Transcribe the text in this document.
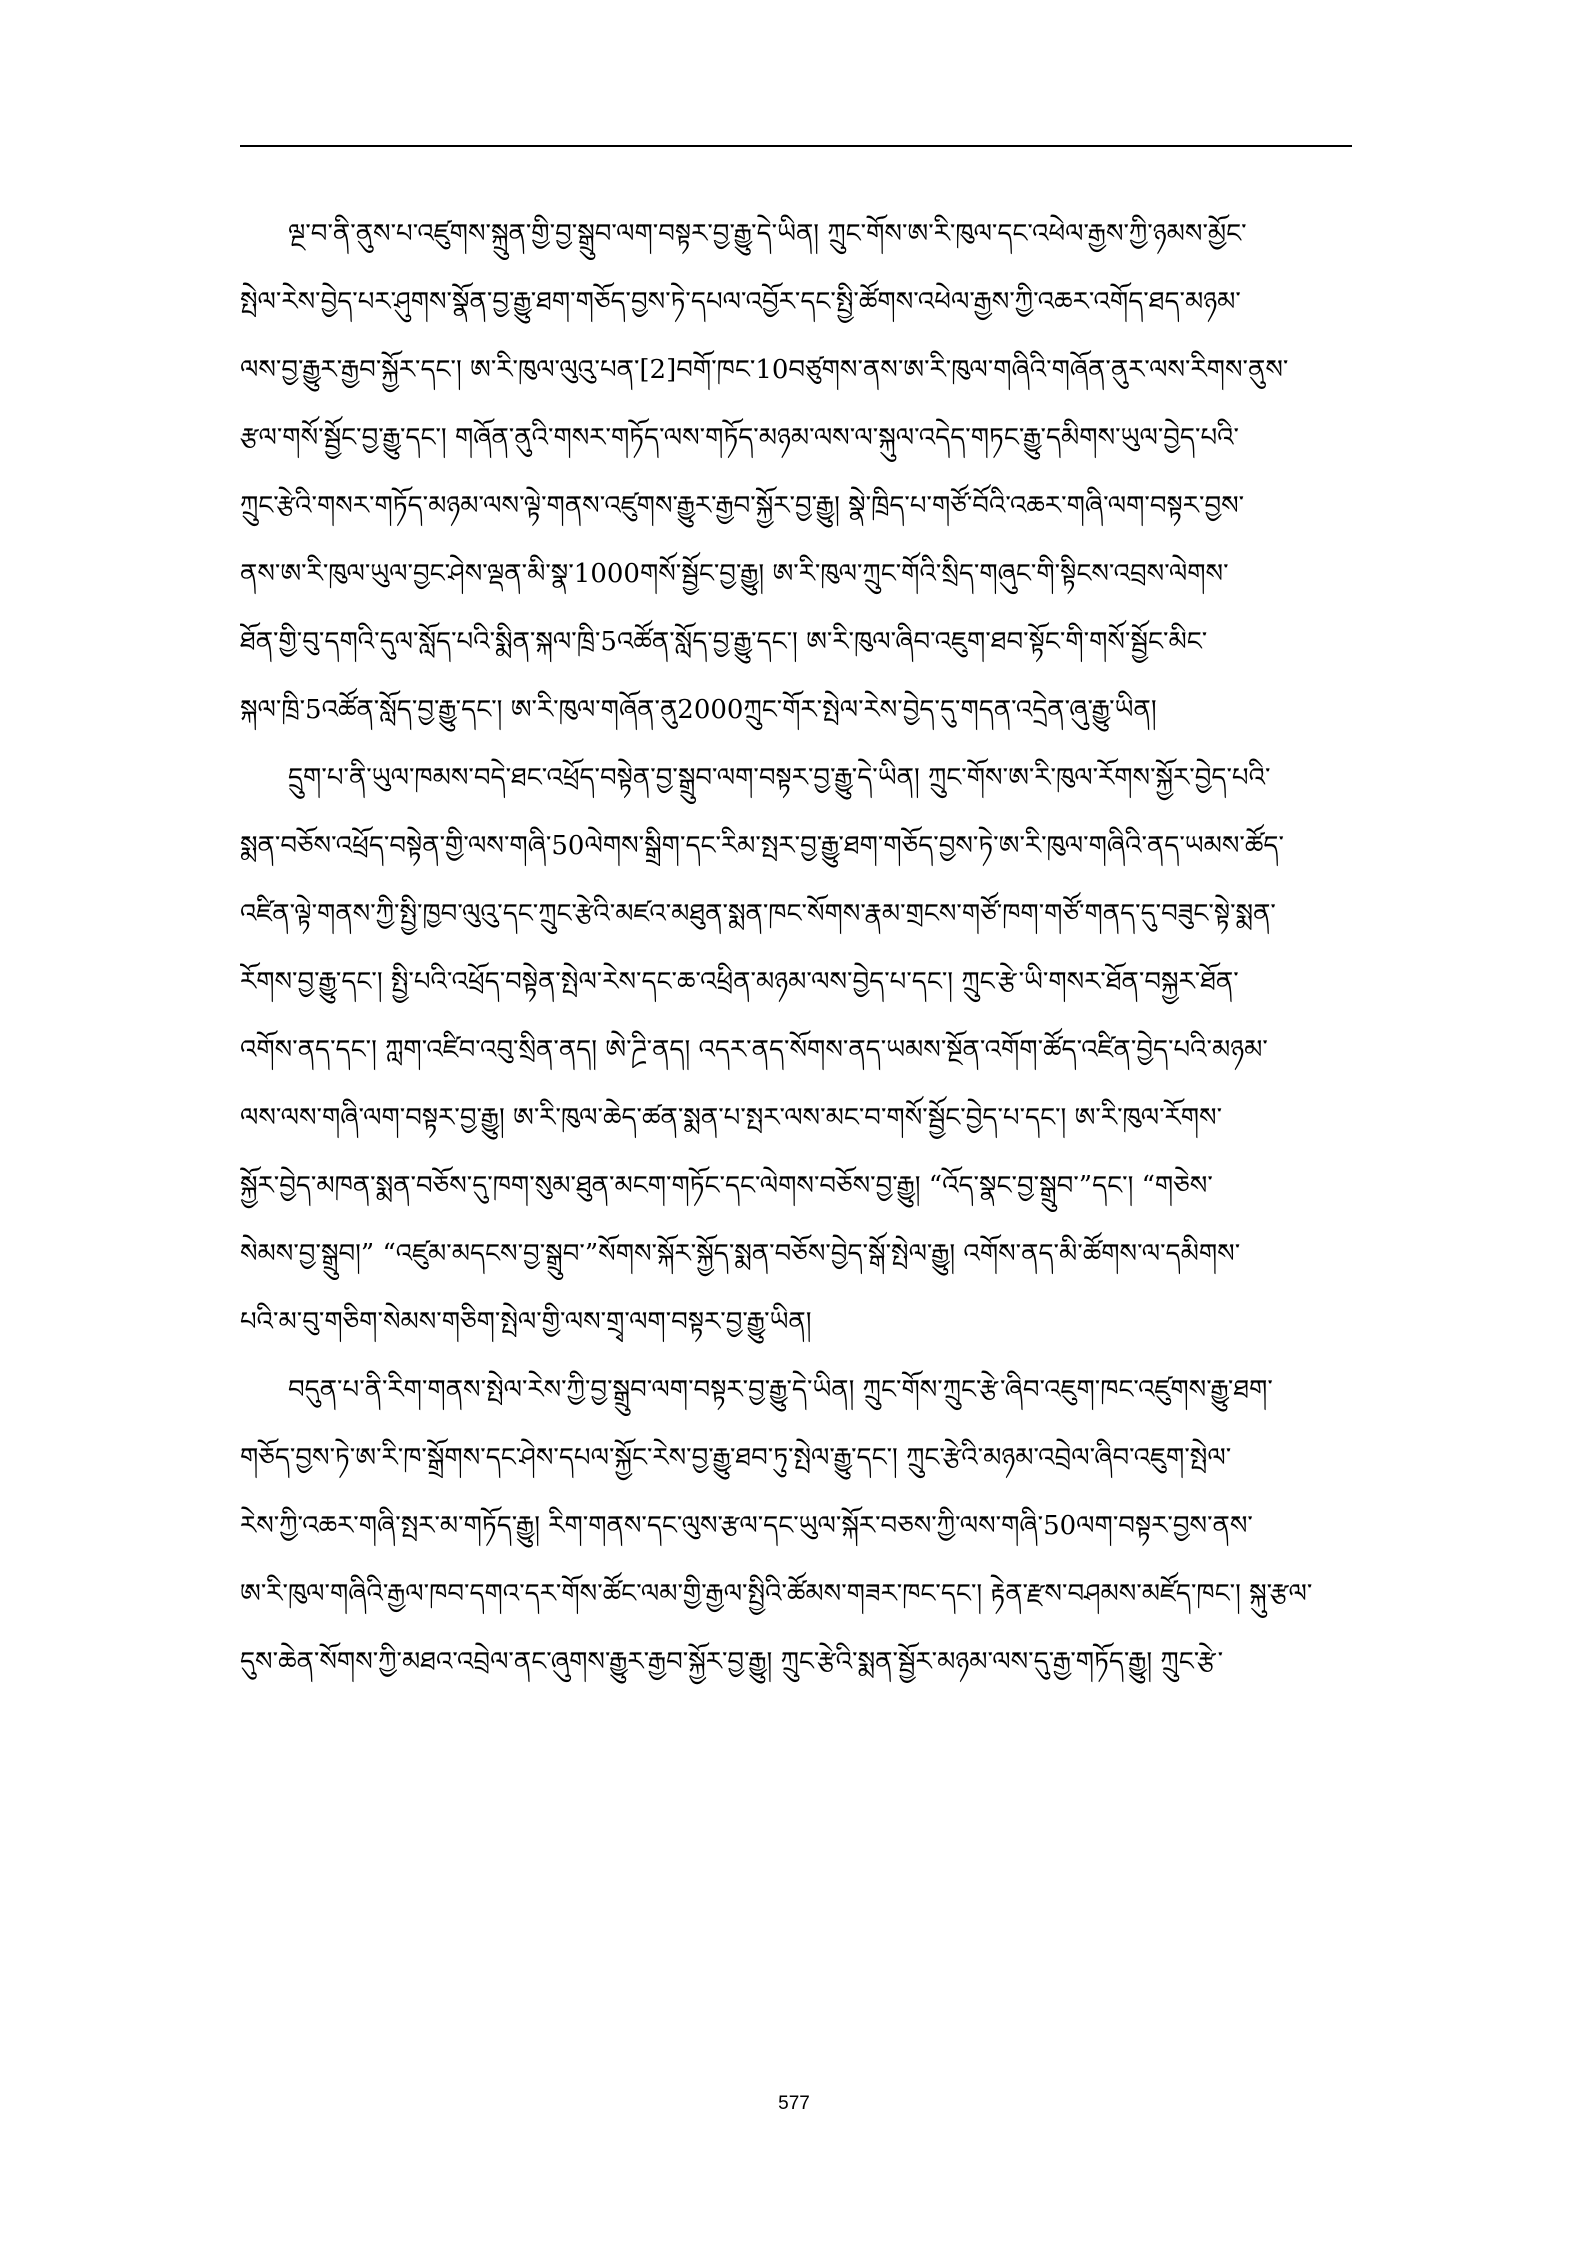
ལྔ་བ་ནི་ནུས་པ་འཛུགས་སྐྲུན་གྱི་བྱ་སྒྲུབ་ལག་བསྟར་བྱ་རྒྱུ་དེ་ཡིན། ཀྲུང་གོས་ཨ་རི་ཁུལ་དང་འཕེལ་རྒྱས་ཀྱི་ཉམས་མྱོང་
སྤེལ་རེས་བྱེད་པར་ཤུགས་སྣོན་བྱ་རྒྱུ་ཐག་གཅོད་བྱས་ཏེ་དཔལ་འབྱོར་དང་སྤྱི་ཚོགས་འཕེལ་རྒྱས་ཀྱི་འཆར་འགོད་ཐད་མཉམ་
ལས་བྱ་རྒྱུར་རྒྱབ་སྐྱོར་དང་། ཨ་རི་ཁུལ་ལུའུ་པན་[2]བགོ་ཁང་10བཙུགས་ནས་ཨ་རི་ཁུལ་གཞིའི་གཞོན་ནུར་ལས་རིགས་ནུས་
རྩལ་གསོ་སྦྱོང་བྱ་རྒྱུ་དང་། གཞོན་ནུའི་གསར་གཏོད་ལས་གཏོད་མཉམ་ལས་ལ་སྐུལ་འདེད་གཏང་རྒྱུ་དམིགས་ཡུལ་བྱེད་པའི་
ཀྲུང་རྩེའི་གསར་གཏོད་མཉམ་ལས་ལྟེ་གནས་འཛུགས་རྒྱུར་རྒྱབ་སྐྱོར་བྱ་རྒྱུ། སྣེ་ཁྲིད་པ་གཙོ་བོའི་འཆར་གཞི་ལག་བསྟར་བྱས་
ནས་ཨ་རི་ཁུལ་ཡུལ་བྱང་ཤེས་ལྡན་མི་སྣ་1000གསོ་སྦྱོང་བྱ་རྒྱུ། ཨ་རི་ཁུལ་ཀྲུང་གོའི་སྲིད་གཞུང་གི་སྟིངས་འབྲས་ལེགས་
ཐོན་གྱི་བུ་དགའི་དུལ་སློད་པའི་སྨིན་སྐལ་ཁྲི་5འཚོན་སློད་བྱ་རྒྱུ་དང་། ཨ་རི་ཁུལ་ཞིབ་འཇུག་ཐབ་སྟོང་གི་གསོ་སྦྱོང་མིང་
སྐལ་ཁྲི་5འཚོན་སློད་བྱ་རྒྱུ་དང་། ཨ་རི་ཁུལ་གཞོན་ནུ2000ཀྲུང་གོར་སྤེལ་རེས་བྱེད་དུ་གདན་འདྲེན་ཞུ་རྒྱུ་ཡིན།
དྲུག་པ་ནི་ཡུལ་ཁམས་བདེ་ཐང་འཕྲོད་བསྟེན་བྱ་སྒྲུབ་ལག་བསྟར་བྱ་རྒྱུ་དེ་ཡིན། ཀྲུང་གོས་ཨ་རི་ཁུལ་རོགས་སྐྱོར་བྱེད་པའི་
སྨན་བཅོས་འཕྲོད་བསྟེན་གྱི་ལས་གཞི་50ལེགས་སྒྲིག་དང་རིམ་སྤར་བྱ་རྒྱུ་ཐག་གཅོད་བྱས་ཏེ་ཨ་རི་ཁུལ་གཞིའི་ནད་ཡམས་ཚོད་
འཛིན་ལྟེ་གནས་ཀྱི་སྤྱི་ཁྱབ་ལུའུ་དང་ཀྲུང་རྩེའི་མཛའ་མཐུན་སྨན་ཁང་སོགས་རྣམ་གྲངས་གཙོ་ཁག་གཙོ་གནད་དུ་བཟུང་སྟེ་སྨན་
རོགས་བྱ་རྒྱུ་དང་། སྤྱི་པའི་འཕྲོད་བསྟེན་སྤེལ་རེས་དང་ཆ་འཕྲིན་མཉམ་ལས་བྱེད་པ་དང་། ཀྲུང་རྩེ་ཡི་གསར་ཐོན་བསྐྱར་ཐོན་
འགོས་ནད་དང་། ཀླག་འཛིབ་འབུ་སྲིན་ནད། ཨེ་ཌྲི་ནད། འདར་ནད་སོགས་ནད་ཡམས་སྔོན་འགོག་ཚོད་འཛིན་བྱེད་པའི་མཉམ་
ལས་ལས་གཞི་ལག་བསྟར་བྱ་རྒྱུ། ཨ་རི་ཁུལ་ཆེད་ཚན་སྨན་པ་སྤར་ལས་མང་བ་གསོ་སྦྱོང་བྱེད་པ་དང་། ཨ་རི་ཁུལ་རོགས་
སྐྱོར་བྱེད་མཁན་སྨན་བཅོས་དུ་ཁག་སུམ་ཐུན་མངག་གཏོང་དང་ལེགས་བཅོས་བྱ་རྒྱུ། “འོད་སྣང་བྱ་སྒྲུབ་”དང་། “གཅེས་
སེམས་བྱ་སྒྲུབ།” “འཛུམ་མདངས་བྱ་སྒྲུབ་”སོགས་སྐོར་སྐྱོད་སྨན་བཅོས་བྱེད་སྒོ་སྤེལ་རྒྱུ། འགོས་ནད་མི་ཚོགས་ལ་དམིགས་
པའི་མ་བུ་གཅིག་སེམས་གཅིག་སྤེལ་གྱི་ལས་གྲྭ་ལག་བསྟར་བྱ་རྒྱུ་ཡིན།
བདུན་པ་ནི་རིག་གནས་སྤེལ་རེས་ཀྱི་བྱ་སྒྲུབ་ལག་བསྟར་བྱ་རྒྱུ་དེ་ཡིན། ཀྲུང་གོས་ཀྲུང་རྩེ་ཞིབ་འཇུག་ཁང་འཛུགས་རྒྱུ་ཐག་
གཅོད་བྱས་ཏེ་ཨ་རི་ཁ་སྒྲོགས་དང་ཤེས་དཔལ་སྐྱོང་རེས་བྱ་རྒྱུ་ཐབ་ཏུ་སྤེལ་རྒྱུ་དང་། ཀྲུང་རྩེའི་མཉམ་འབྲེལ་ཞིབ་འཇུག་སྤེལ་
རེས་ཀྱི་འཆར་གཞི་སྤར་མ་གཏོད་རྒྱུ། རིག་གནས་དང་ལུས་རྩལ་དང་ཡུལ་སྐོར་བཅས་ཀྱི་ལས་གཞི་50ལག་བསྟར་བྱས་ནས་
ཨ་རི་ཁུལ་གཞིའི་རྒྱལ་ཁབ་དགའ་དར་གོས་ཚོང་ལམ་གྱི་རྒྱལ་སྤྱིའི་ཚོམས་གཟར་ཁང་དང་། རྟེན་རྫས་བཤམས་མཛོད་ཁང་། སྐུ་རྩལ་
དུས་ཆེན་སོགས་ཀྱི་མཐའ་འབྲེལ་ནང་ཞུགས་རྒྱུར་རྒྱབ་སྐྱོར་བྱ་རྒྱུ། ཀྲུང་རྩེའི་སྨན་སྦྱོར་མཉམ་ལས་དུ་རྒྱ་གཏོད་རྒྱུ། ཀྲུང་རྩེ་
577
